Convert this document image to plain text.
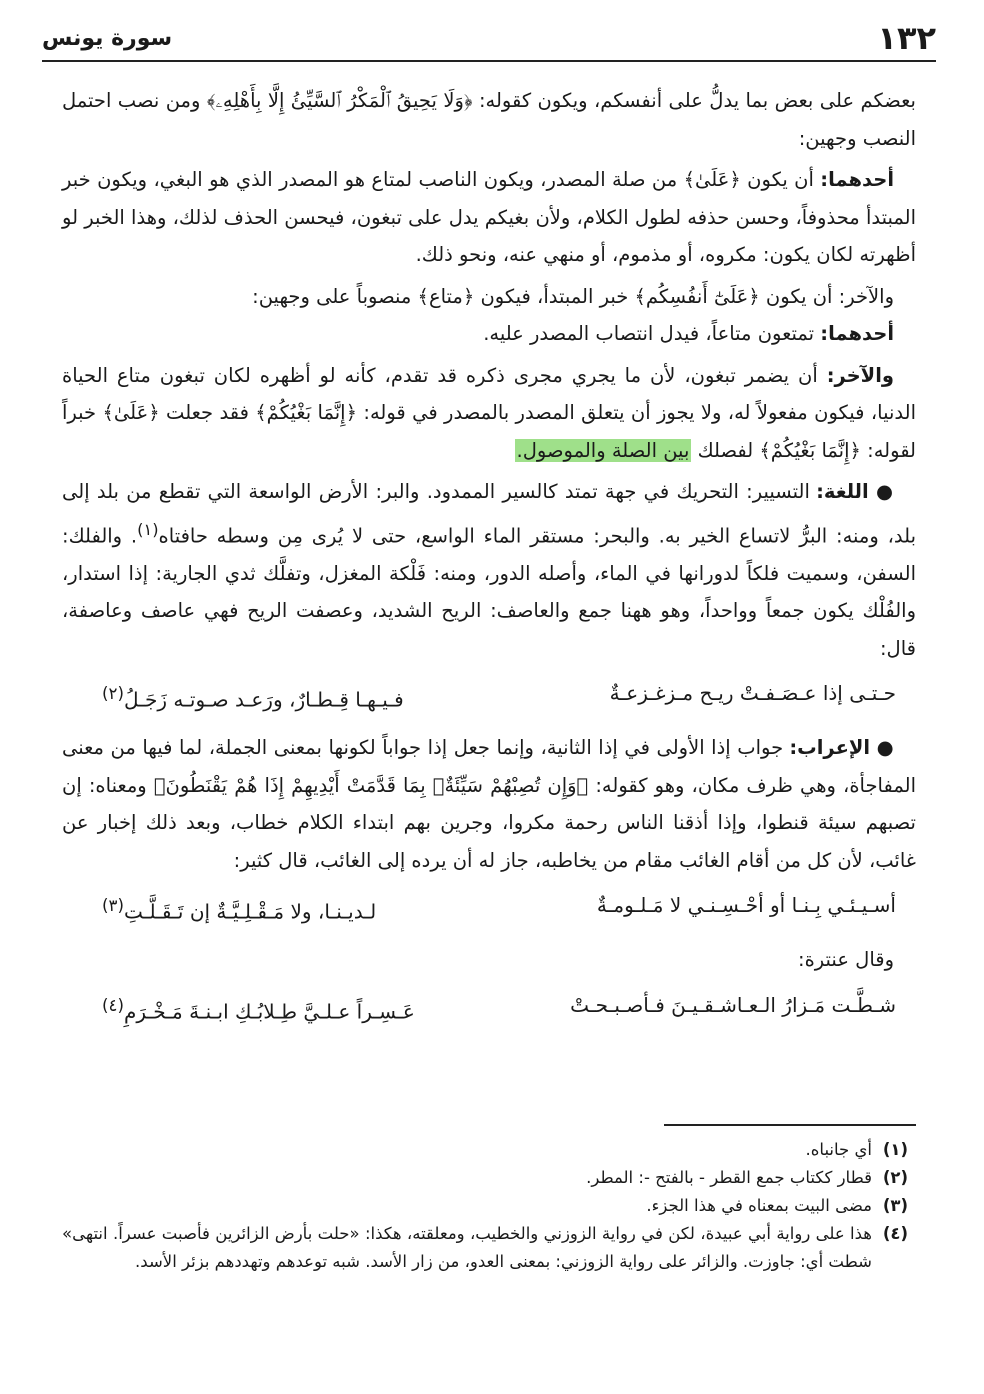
١٣٢
سورة يونس

بعضكم على بعض بما يدلُّ على أنفسكم، ويكون كقوله: ﴿وَلَا يَحِيقُ ٱلْمَكْرُ ٱلسَّيِّئُ إِلَّا بِأَهْلِهِۦ﴾ ومن نصب احتمل النصب وجهين:

أحدهما: أن يكون ﴿عَلَىٰ﴾ من صلة المصدر، ويكون الناصب لمتاع هو المصدر الذي هو البغي، ويكون خبر المبتدأ محذوفاً، وحسن حذفه لطول الكلام، ولأن بغيكم يدل على تبغون، فيحسن الحذف لذلك، وهذا الخبر لو أظهرته لكان يكون: مكروه، أو مذموم، أو منهي عنه، ونحو ذلك.

والآخر: أن يكون ﴿عَلَىٰٓ أَنفُسِكُم﴾ خبر المبتدأ، فيكون ﴿متاع﴾ منصوباً على وجهين:

أحدهما: تمتعون متاعاً، فيدل انتصاب المصدر عليه.

والآخر: أن يضمر تبغون، لأن ما يجري مجرى ذكره قد تقدم، كأنه لو أظهره لكان تبغون متاع الحياة الدنيا، فيكون مفعولاً له، ولا يجوز أن يتعلق المصدر بالمصدر في قوله: ﴿إِنَّمَا بَغْيُكُمْ﴾ فقد جعلت ﴿عَلَىٰ﴾ خبراً لقوله: ﴿إِنَّمَا بَغْيُكُمْ﴾ لفصلك بين الصلة والموصول.

● اللغة: التسيير: التحريك في جهة تمتد كالسير الممدود. والبر: الأرض الواسعة التي تقطع من بلد إلى بلد، ومنه: البرُّ لاتساع الخير به. والبحر: مستقر الماء الواسع، حتى لا يُرى مِن وسطه حافتاه$^{(١)}$. والفلك: السفن، وسميت فلكاً لدورانها في الماء، وأصله الدور، ومنه: فَلْكة المغزل، وتفلَّك ثدي الجارية: إذا استدار، والفُلْك يكون جمعاً وواحداً، وهو ههنا جمع والعاصف: الريح الشديد، وعصفت الريح فهي عاصف وعاصفة، قال:

حـتـى إذا عـصَـفـتْ ريـح مـزغـزعـةٌ
فـيـهـا قِـطـارٌ، ورَعـد صـوتـه زَجَـلُ$^{(٢)}$

● الإعراب: جواب إذا الأولى في إذا الثانية، وإنما جعل إذا جواباً لكونها بمعنى الجملة، لما فيها من معنى المفاجأة، وهي ظرف مكان، وهو كقوله: ﴿وَإِن تُصِبْهُمْ سَيِّئَةٌۢ بِمَا قَدَّمَتْ أَيْدِيهِمْ إِذَا هُمْ يَقْنَطُونَ﴾ ومعناه: إن تصبهم سيئة قنطوا، وإذا أذقنا الناس رحمة مكروا، وجرين بهم ابتداء الكلام خطاب، وبعد ذلك إخبار عن غائب، لأن كل من أقام الغائب مقام من يخاطبه، جاز له أن يرده إلى الغائب، قال كثير:

أسـيـئـي بِـنـا أو أحْـسِـنـي لا مَـلـومـةٌ
لـديـنـا، ولا مَـقْـلِـيَّـةٌ إن تَـقَـلَّـتِ$^{(٣)}$

وقال عنترة:

شـطَّـت مَـزارُ الـعـاشـقـيـنَ فـأصـبـحـتْ
عَـسِـراً عـلـيَّ طِـلابُـكِ ابـنـةَ مَـخْـرَمِ$^{(٤)}$
(١)
أي جانباه.
(٢)
قطار ككتاب جمع القطر - بالفتح -: المطر.
(٣)
مضى البيت بمعناه في هذا الجزء.
(٤)
هذا على رواية أبي عبيدة، لكن في رواية الزوزني والخطيب، ومعلقته، هكذا: «حلت بأرض الزائرين فأصبت عسراً. انتهى» شطت أي: جاوزت. والزائر على رواية الزوزني: بمعنى العدو، من زار الأسد. شبه توعدهم وتهددهم بزئر الأسد.
